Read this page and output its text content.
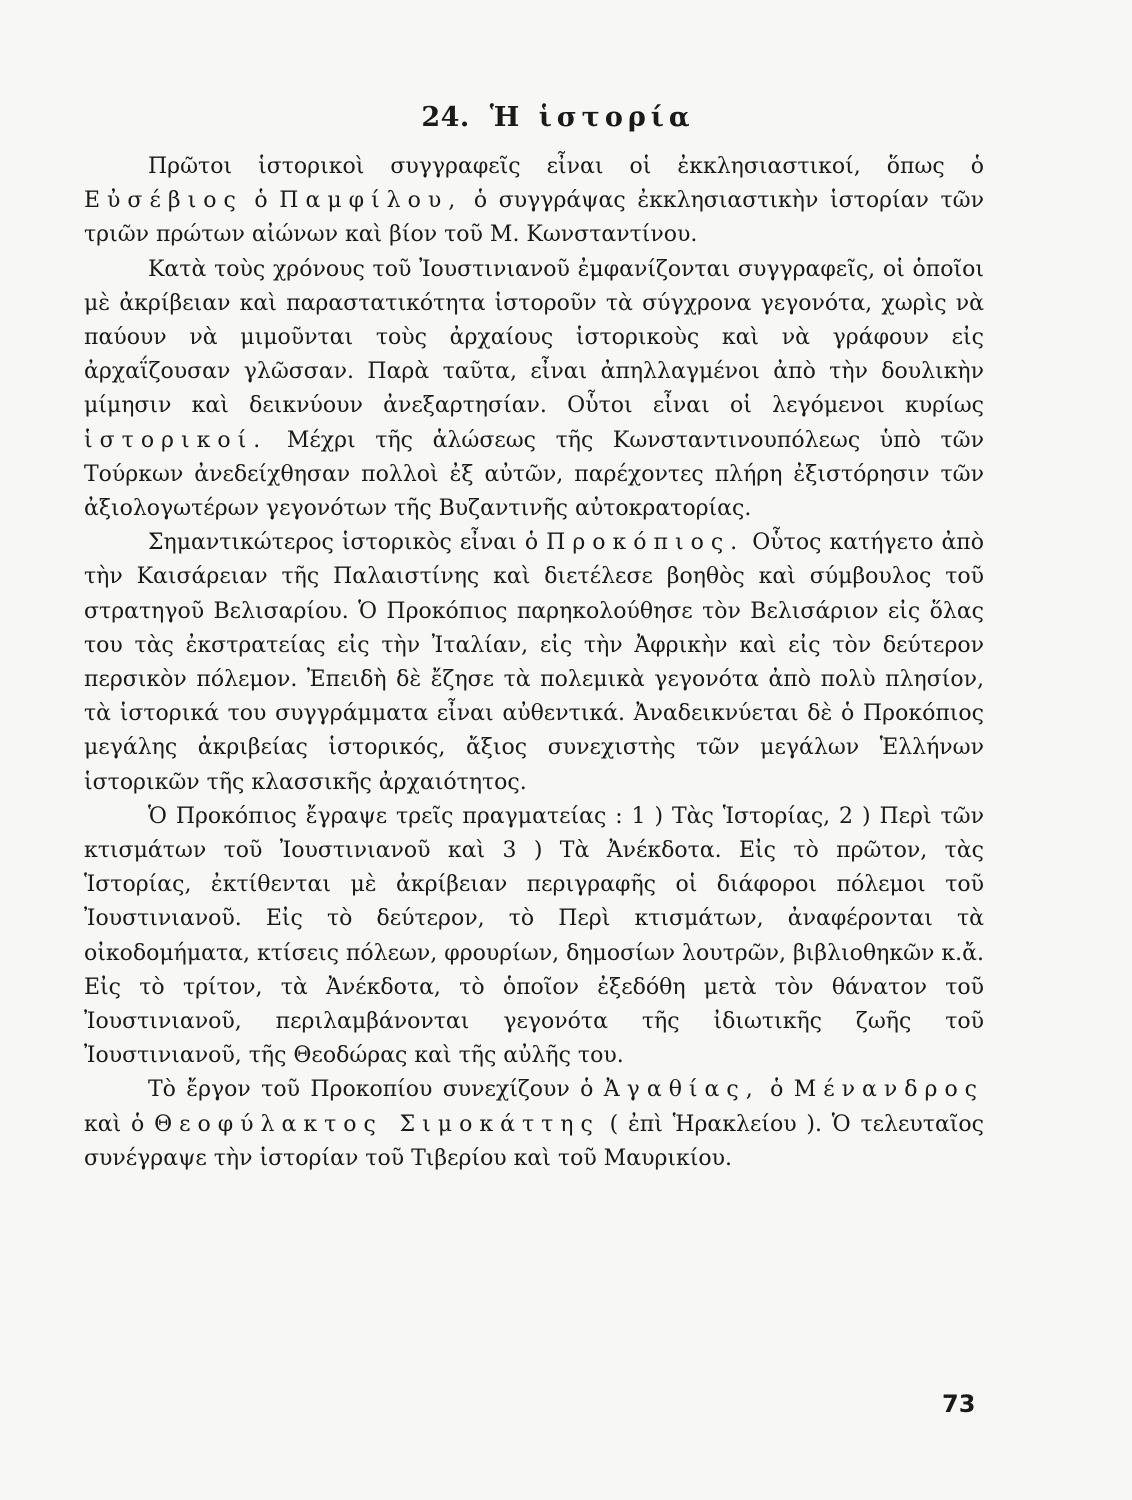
24. Ἡ ἱστορία

Πρῶτοι ἱστορικοὶ συγγραφεῖς εἶναι οἱ ἐκκλησιαστικοί, ὅπως ὁ Εὐσέβιος ὁ Παμφίλου, ὁ συγγράψας ἐκκλησιαστικὴν ἱστορίαν τῶν τριῶν πρώτων αἰώνων καὶ βίον τοῦ Μ. Κωνσταντίνου.

Κατὰ τοὺς χρόνους τοῦ Ἰουστινιανοῦ ἐμφανίζονται συγγραφεῖς, οἱ ὁποῖοι μὲ ἀκρίβειαν καὶ παραστατικότητα ἱστοροῦν τὰ σύγχρονα γεγονότα, χωρὶς νὰ παύουν νὰ μιμοῦνται τοὺς ἀρχαίους ἱστορικοὺς καὶ νὰ γράφουν εἰς ἀρχαΐζουσαν γλῶσσαν. Παρὰ ταῦτα, εἶναι ἀπηλλαγμένοι ἀπὸ τὴν δουλικὴν μίμησιν καὶ δεικνύουν ἀνεξαρτησίαν. Οὗτοι εἶναι οἱ λεγόμενοι κυρίως ἱστορικοί. Μέχρι τῆς ἁλώσεως τῆς Κωνσταντινουπόλεως ὑπὸ τῶν Τούρκων ἀνεδείχθησαν πολλοὶ ἐξ αὐτῶν, παρέχοντες πλήρη ἐξιστόρησιν τῶν ἀξιολογωτέρων γεγονότων τῆς Βυζαντινῆς αὐτοκρατορίας.

Σημαντικώτερος ἱστορικὸς εἶναι ὁ Προκόπιος. Οὗτος κατήγετο ἀπὸ τὴν Καισάρειαν τῆς Παλαιστίνης καὶ διετέλεσε βοηθὸς καὶ σύμβουλος τοῦ στρατηγοῦ Βελισαρίου. Ὁ Προκόπιος παρηκολούθησε τὸν Βελισάριον εἰς ὅλας του τὰς ἐκστρατείας εἰς τὴν Ἰταλίαν, εἰς τὴν Ἀφρικὴν καὶ εἰς τὸν δεύτερον περσικὸν πόλεμον. Ἐπειδὴ δὲ ἔζησε τὰ πολεμικὰ γεγονότα ἀπὸ πολὺ πλησίον, τὰ ἱστορικά του συγγράμματα εἶναι αὐθεντικά. Ἀναδεικνύεται δὲ ὁ Προκόπιος μεγάλης ἀκριβείας ἱστορικός, ἄξιος συνεχιστὴς τῶν μεγάλων Ἑλλήνων ἱστορικῶν τῆς κλασσικῆς ἀρχαιότητος.

Ὁ Προκόπιος ἔγραψε τρεῖς πραγματείας : 1 ) Τὰς Ἱστορίας, 2 ) Περὶ τῶν κτισμάτων τοῦ Ἰουστινιανοῦ καὶ 3 ) Τὰ Ἀνέκδοτα. Εἰς τὸ πρῶτον, τὰς Ἱστορίας, ἐκτίθενται μὲ ἀκρίβειαν περιγραφῆς οἱ διάφοροι πόλεμοι τοῦ Ἰουστινιανοῦ. Εἰς τὸ δεύτερον, τὸ Περὶ κτισμάτων, ἀναφέρονται τὰ οἰκοδομήματα, κτίσεις πόλεων, φρουρίων, δημοσίων λουτρῶν, βιβλιοθηκῶν κ.ἄ. Εἰς τὸ τρίτον, τὰ Ἀνέκδοτα, τὸ ὁποῖον ἐξεδόθη μετὰ τὸν θάνατον τοῦ Ἰουστινιανοῦ, περιλαμβάνονται γεγονότα τῆς ἰδιωτικῆς ζωῆς τοῦ Ἰουστινιανοῦ, τῆς Θεοδώρας καὶ τῆς αὐλῆς του.

Τὸ ἔργον τοῦ Προκοπίου συνεχίζουν ὁ Ἀγαθίας, ὁ Μένανδρος καὶ ὁ Θεοφύλακτος Σιμοκάττης ( ἐπὶ Ἡρακλείου ). Ὁ τελευταῖος συνέγραψε τὴν ἱστορίαν τοῦ Τιβερίου καὶ τοῦ Μαυρικίου.

73
